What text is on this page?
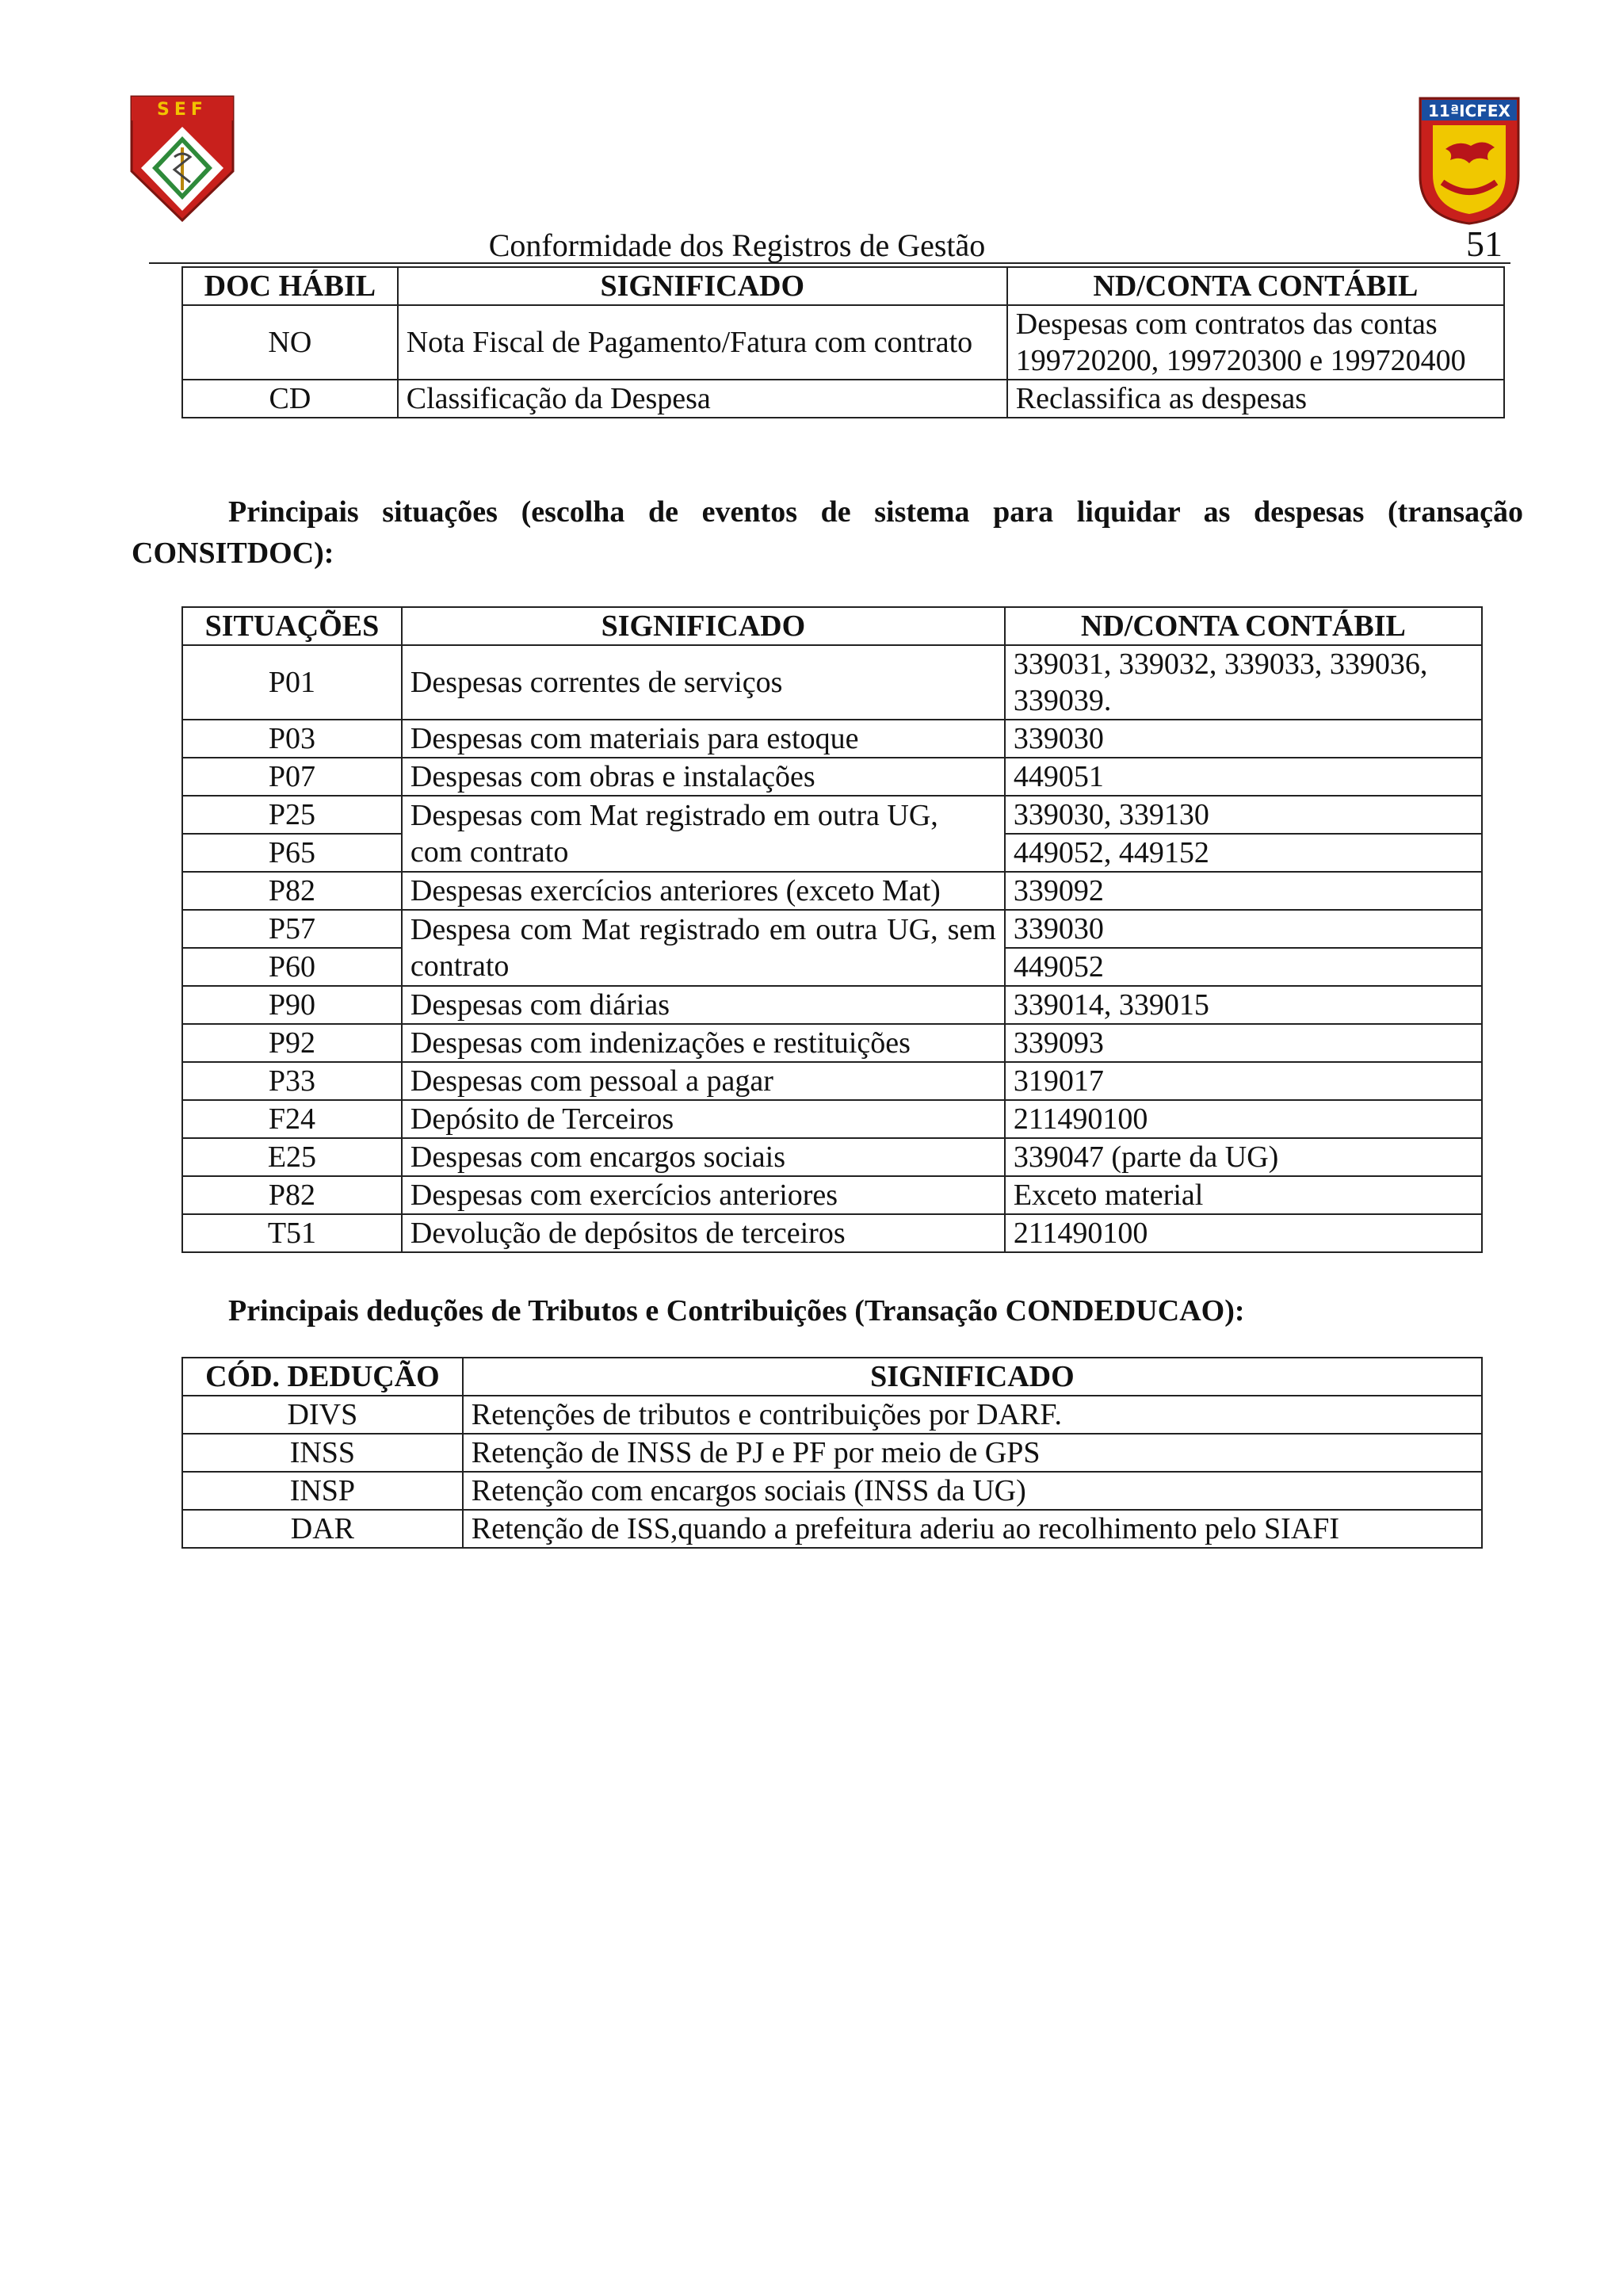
SEF	11ªICFEX
Conformidade dos Registros de Gestão	51
DOC HÁBIL	SIGNIFICADO	ND/CONTA CONTÁBIL
NO	Nota Fiscal de Pagamento/Fatura com contrato	Despesas com contratos das contas 199720200, 199720300 e 199720400
CD	Classificação da Despesa	Reclassifica as despesas

Principais situações (escolha de eventos de sistema para liquidar as despesas (transação CONSITDOC):

SITUAÇÕES	SIGNIFICADO	ND/CONTA CONTÁBIL
P01	Despesas correntes de serviços	339031, 339032, 339033, 339036, 339039.
P03	Despesas com materiais para estoque	339030
P07	Despesas com obras e instalações	449051
P25	Despesas com Mat registrado em outra UG, com contrato	339030, 339130
P65		449052, 449152
P82	Despesas exercícios anteriores (exceto Mat)	339092
P57	Despesa com Mat registrado em outra UG, sem contrato	339030
P60		449052
P90	Despesas com diárias	339014, 339015
P92	Despesas com indenizações e restituições	339093
P33	Despesas com pessoal a pagar	319017
F24	Depósito de Terceiros	211490100
E25	Despesas com encargos sociais	339047 (parte da UG)
P82	Despesas com exercícios anteriores	Exceto material
T51	Devolução de depósitos de terceiros	211490100

Principais deduções de Tributos e Contribuições (Transação CONDEDUCAO):

CÓD. DEDUÇÃO	SIGNIFICADO
DIVS	Retenções de tributos e contribuições por DARF.
INSS	Retenção de INSS de PJ e PF por meio de GPS
INSP	Retenção com encargos sociais (INSS da UG)
DAR	Retenção de ISS,quando a prefeitura aderiu ao recolhimento pelo SIAFI
